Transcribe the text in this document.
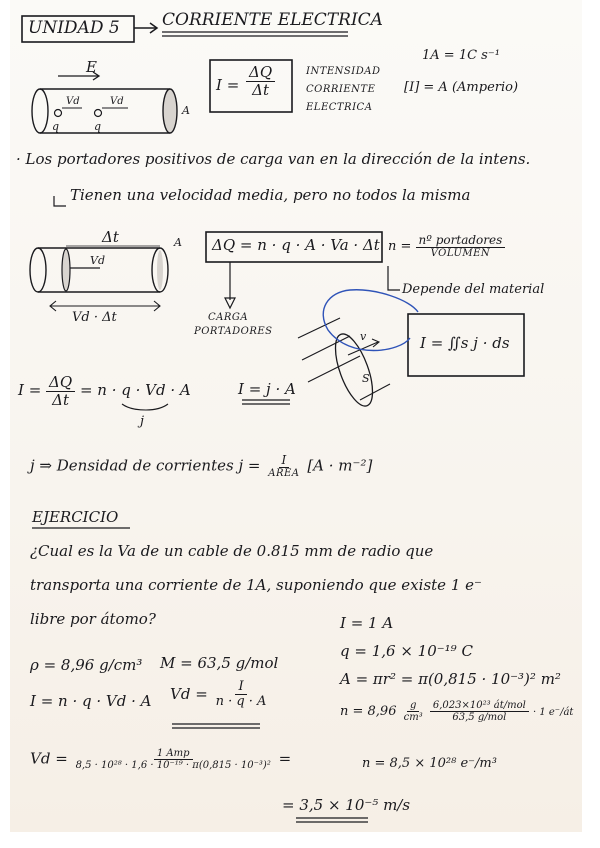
UNIDAD 5 CORRIENTE ELECTRICA
E
Vd	Vd
q	q
A
$I = \frac{\Delta Q}{\Delta t}$	INTENSIDAD
CORRIENTE
ELECTRICA
1A = 1C s⁻¹
[I] = A (Amperio)
· Los portadores positivos de carga van en la dirección de la intens.
Tienen una velocidad media, pero no todos la misma
Δt	A
Vd
Vd · Δt
ΔQ = n · q · A · Va · Δt $n = \frac{\text{nº portadores}}{\text{VOLUMEN}}$
Depende del material
CARGA
PORTADORES
I = ∬s j · ds
v
S
$I = \frac{\Delta Q}{\Delta t} = n \cdot q \cdot Vd \cdot A$	I = j · A
j
j ⇒ Densidad de corrientes $j = \frac{I}{\text{AREA}} [A \cdot m^{-2}]$
EJERCICIO
¿Cual es la Va de un cable de 0.815 mm de radio que
transporta una corriente de 1A, suponiendo que existe 1 e⁻
libre por átomo?
ρ = 8,96 g/cm³ M = 63,5 g/mol
I = n · q · Vd · A $Vd = \frac{I}{n \cdot q \cdot A}$
I = 1 A
q = 1,6 × 10⁻¹⁹ C
A = πr² = π(0,815 · 10⁻³)² m²
$n = 8,96 \frac{g}{\text{cm³}}$
$\frac{\text{6,023×10²³ át/mol}}{\text{63,5 g/mol}} \cdot 1$ e⁻/át
n = 8,5 × 10²⁸ e⁻/m³
$Vd = \frac{\text{1 Amp}}{\text{8,5 · 10²⁸ · 1,6 · 10⁻¹⁹ · π(0,815 · 10⁻³)²}}$ =
= 3,5 × 10⁻⁵ m/s
